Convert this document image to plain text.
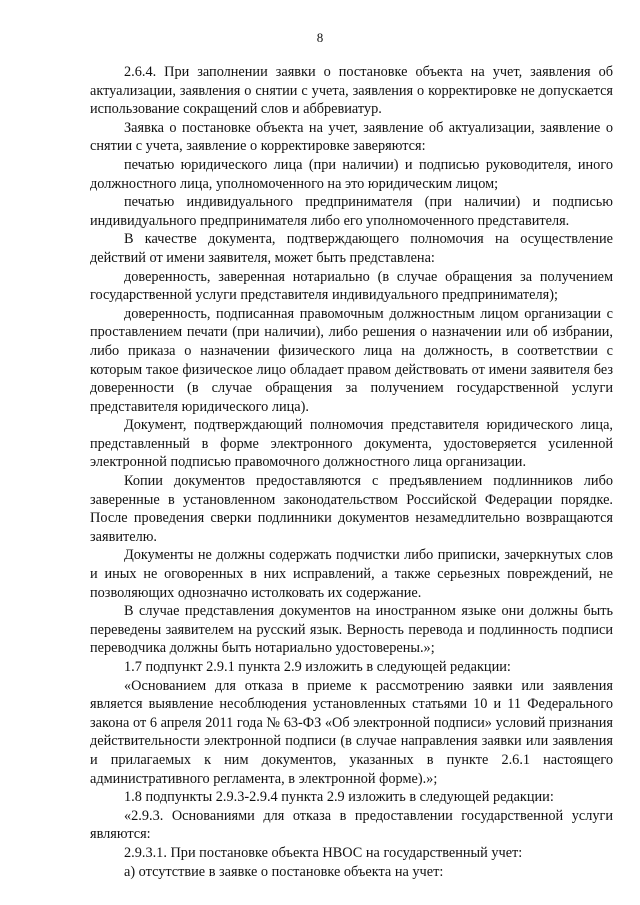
8

2.6.4. При заполнении заявки о постановке объекта на учет, заявления об актуализации, заявления о снятии с учета, заявления о корректировке не допускается использование сокращений слов и аббревиатур.

Заявка о постановке объекта на учет, заявление об актуализации, заявление о снятии с учета, заявление о корректировке заверяются:

печатью юридического лица (при наличии) и подписью руководителя, иного должностного лица, уполномоченного на это юридическим лицом;

печатью индивидуального предпринимателя (при наличии) и подписью индивидуального предпринимателя либо его уполномоченного представителя.

В качестве документа, подтверждающего полномочия на осуществление действий от имени заявителя, может быть представлена:

доверенность, заверенная нотариально (в случае обращения за получением государственной услуги представителя индивидуального предпринимателя);

доверенность, подписанная правомочным должностным лицом организации с проставлением печати (при наличии), либо решения о назначении или об избрании, либо приказа о назначении физического лица на должность, в соответствии с которым такое физическое лицо обладает правом действовать от имени заявителя без доверенности (в случае обращения за получением государственной услуги представителя юридического лица).

Документ, подтверждающий полномочия представителя юридического лица, представленный в форме электронного документа, удостоверяется усиленной электронной подписью правомочного должностного лица организации.

Копии документов предоставляются с предъявлением подлинников либо заверенные в установленном законодательством Российской Федерации порядке. После проведения сверки подлинники документов незамедлительно возвращаются заявителю.

Документы не должны содержать подчистки либо приписки, зачеркнутых слов и иных не оговоренных в них исправлений, а также серьезных повреждений, не позволяющих однозначно истолковать их содержание.

В случае представления документов на иностранном языке они должны быть переведены заявителем на русский язык. Верность перевода и подлинность подписи переводчика должны быть нотариально удостоверены.»;

1.7 подпункт 2.9.1 пункта 2.9 изложить в следующей редакции:

«Основанием для отказа в приеме к рассмотрению заявки или заявления является выявление несоблюдения установленных статьями 10 и 11 Федерального закона от 6 апреля 2011 года № 63-ФЗ «Об электронной подписи» условий признания действительности электронной подписи (в случае направления заявки или заявления и прилагаемых к ним документов, указанных в пункте 2.6.1 настоящего административного регламента, в электронной форме).»;

1.8 подпункты 2.9.3-2.9.4 пункта 2.9 изложить в следующей редакции:

«2.9.3. Основаниями для отказа в предоставлении государственной услуги являются:

2.9.3.1. При постановке объекта НВОС на государственный учет:

а) отсутствие в заявке о постановке объекта на учет:
